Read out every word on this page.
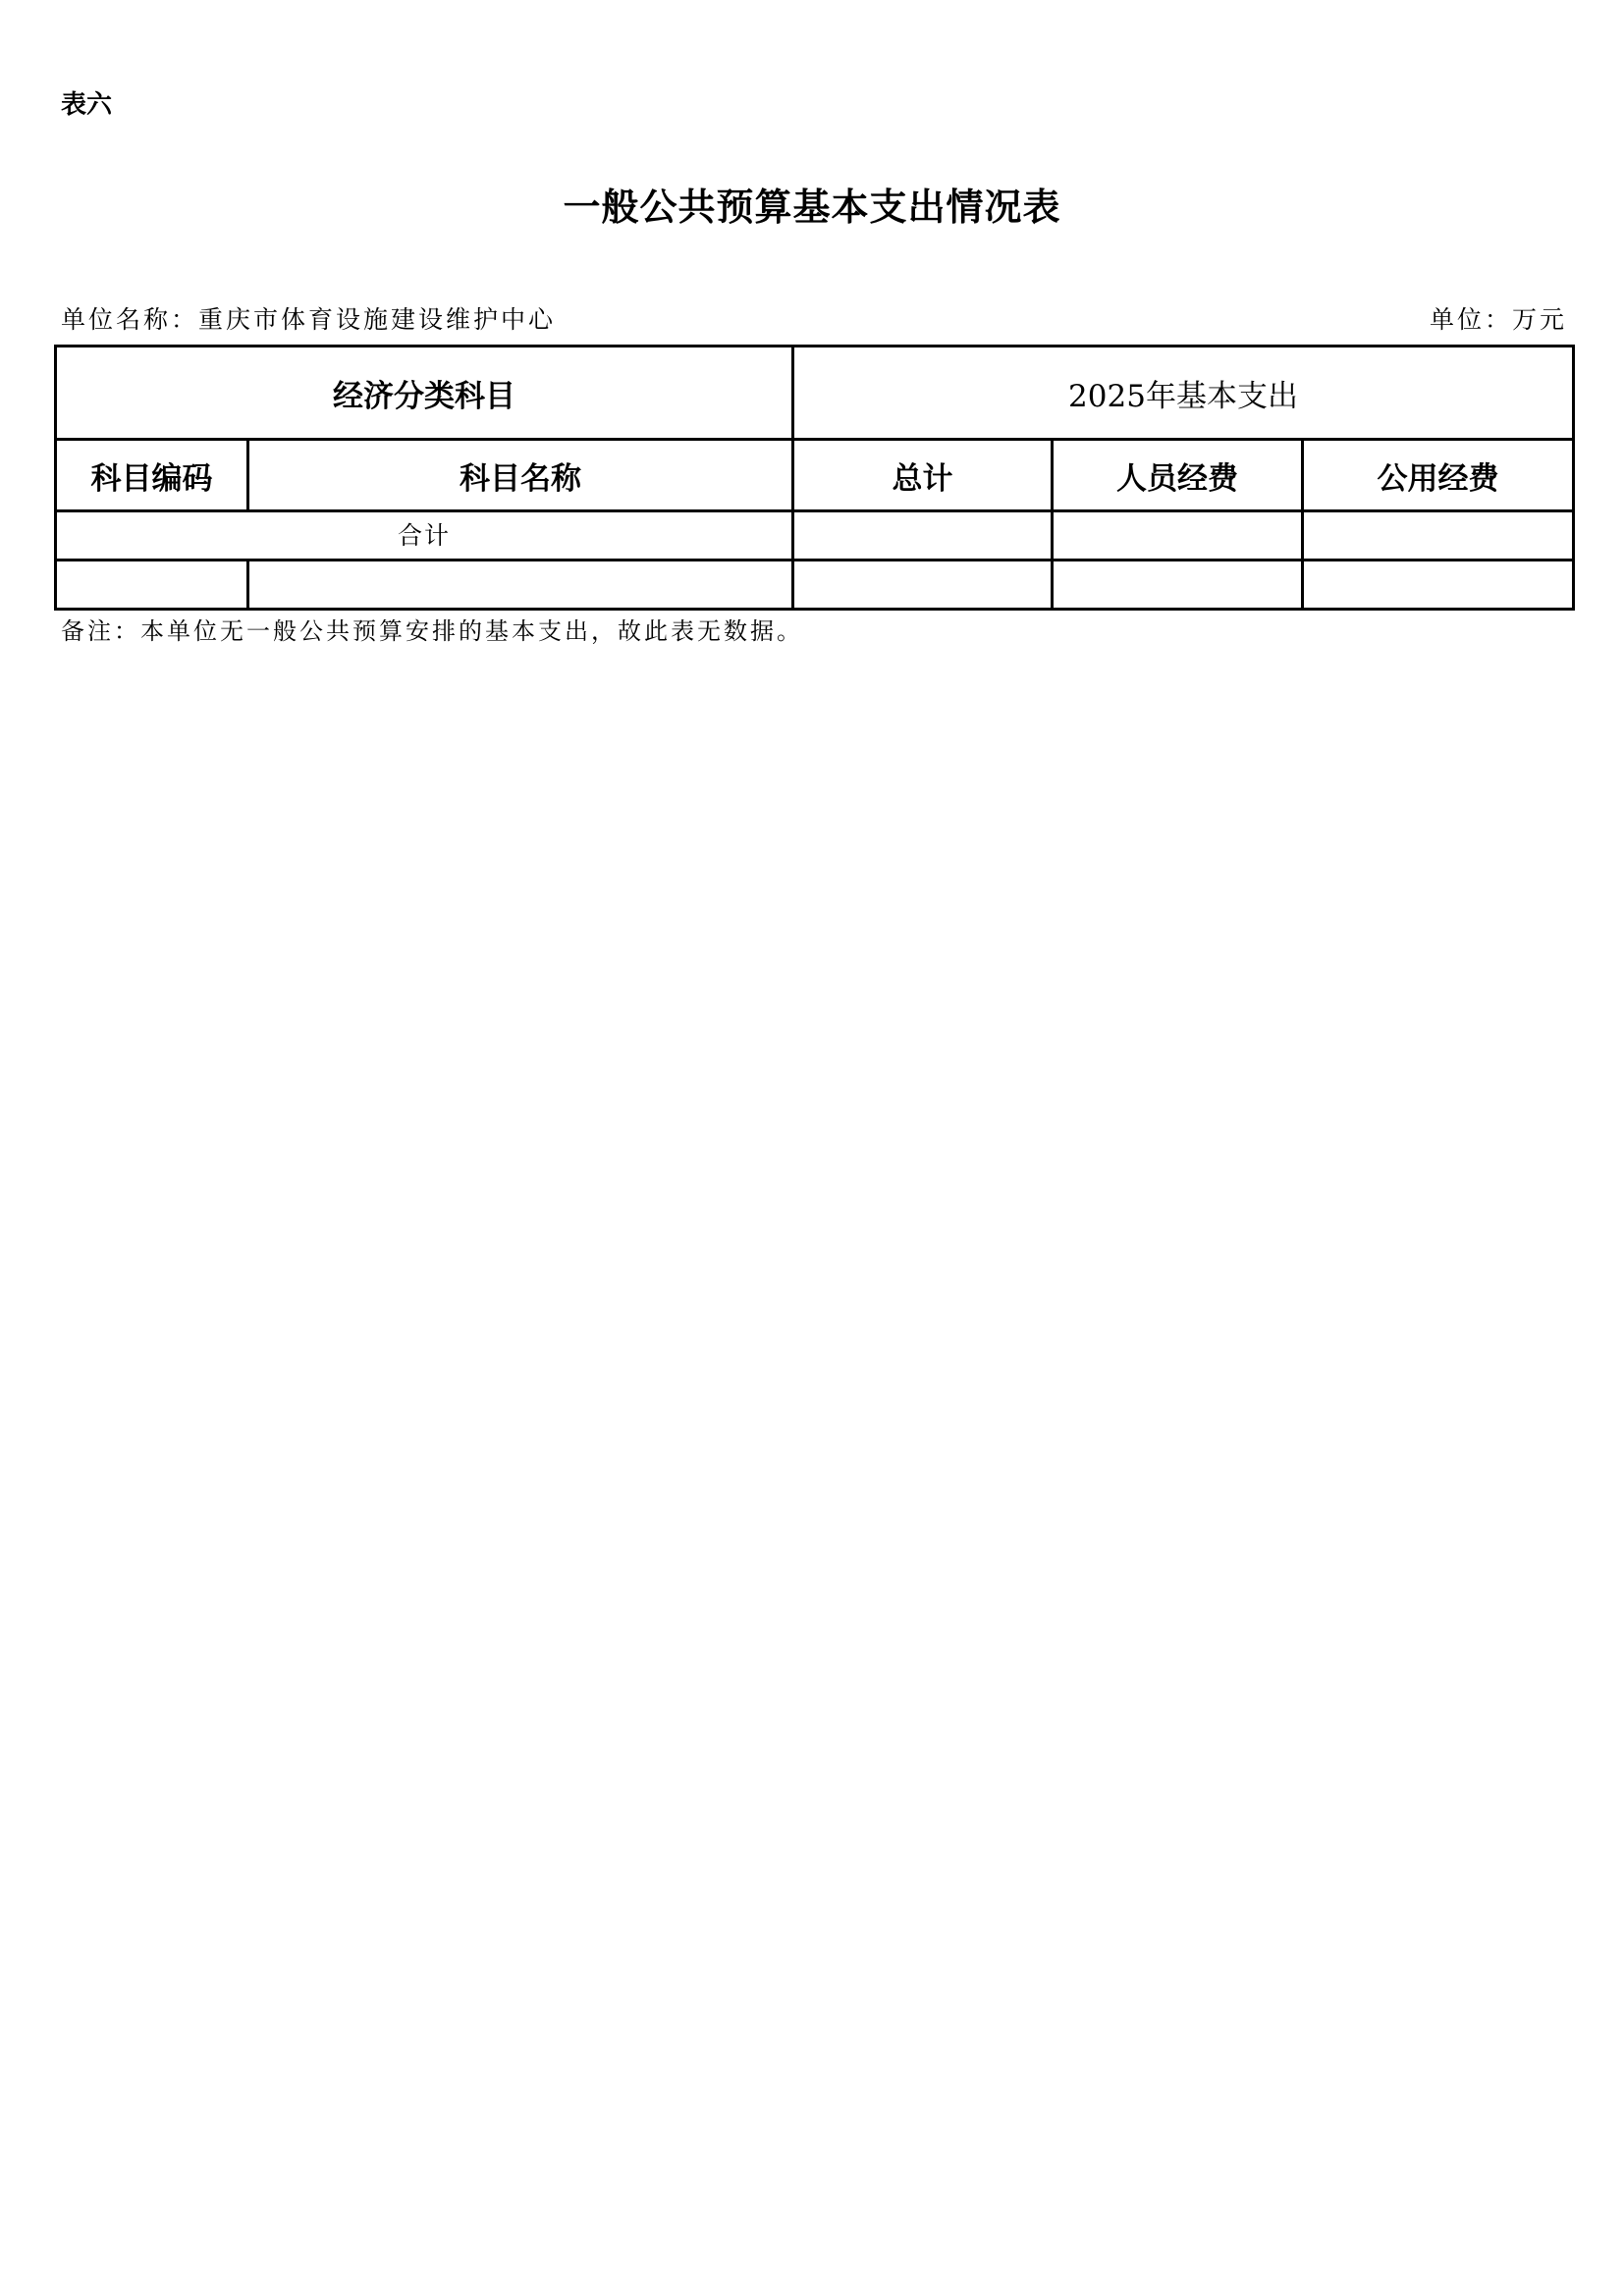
表六
一般公共预算基本支出情况表
单位名称：重庆市体育设施建设维护中心	单位：万元
经济分类科目		2025年基本支出		
科目编码	科目名称	总计	人员经费	公用经费
合计				

备注：本单位无一般公共预算安排的基本支出，故此表无数据。
